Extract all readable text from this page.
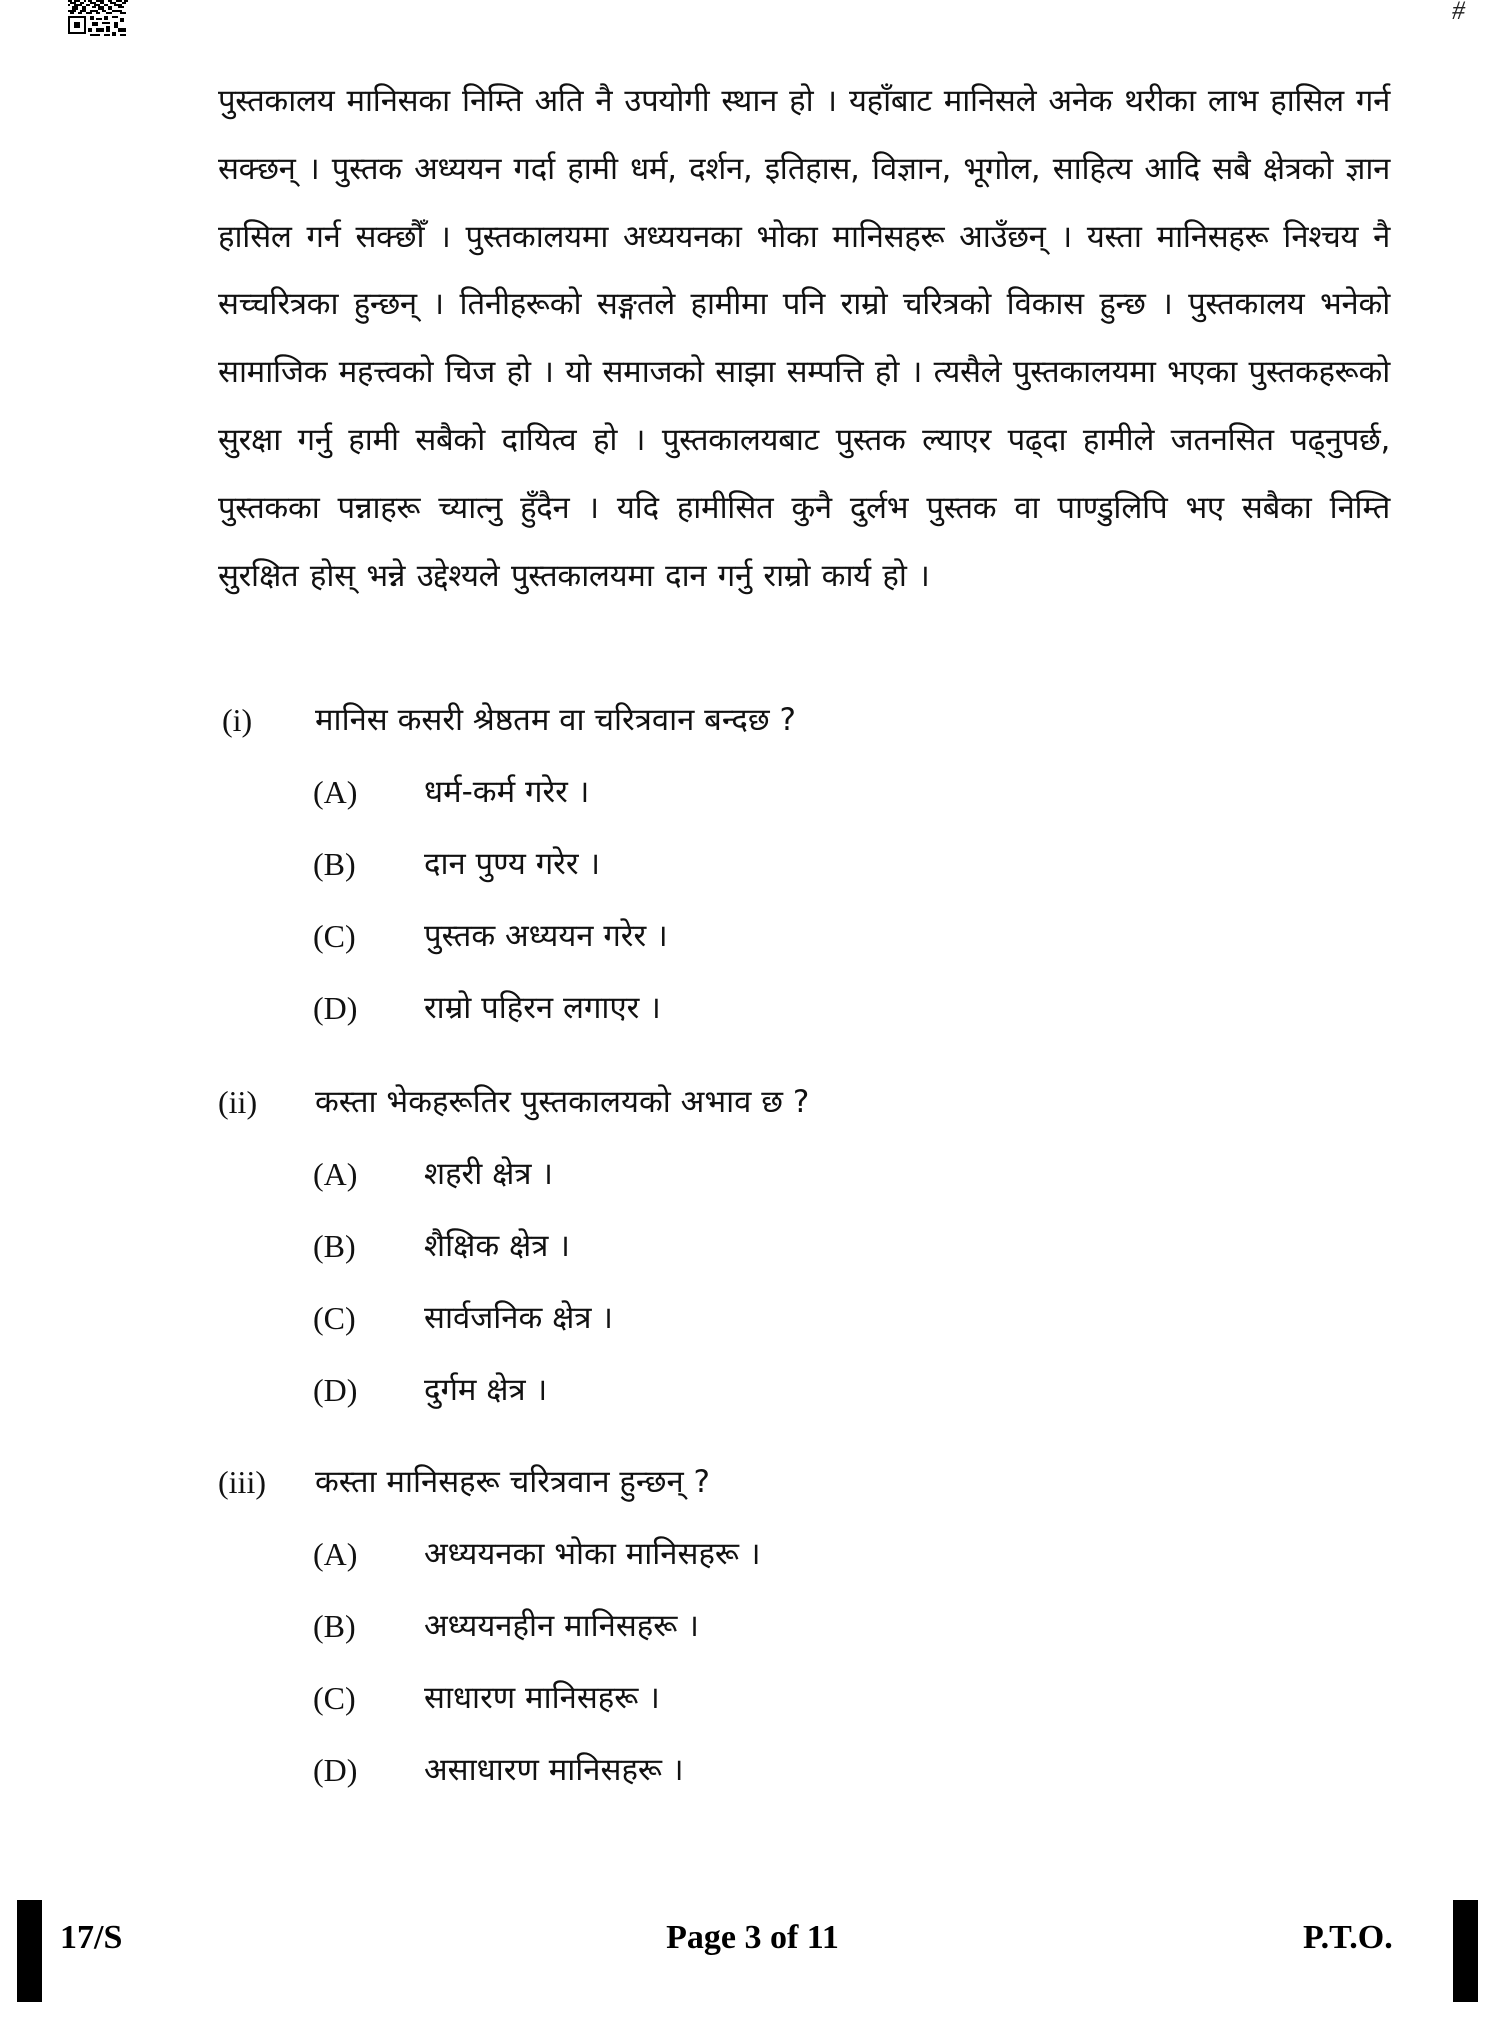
#

पुस्तकालय मानिसका निम्ति अति नै उपयोगी स्थान हो । यहाँबाट मानिसले अनेक थरीका लाभ हासिल गर्न सक्छन् । पुस्तक अध्ययन गर्दा हामी धर्म, दर्शन, इतिहास, विज्ञान, भूगोल, साहित्य आदि सबै क्षेत्रको ज्ञान हासिल गर्न सक्छौँ । पुस्तकालयमा अध्ययनका भोका मानिसहरू आउँछन् । यस्ता मानिसहरू निश्चय नै सच्चरित्रका हुन्छन् । तिनीहरूको सङ्गतले हामीमा पनि राम्रो चरित्रको विकास हुन्छ । पुस्तकालय भनेको सामाजिक महत्त्वको चिज हो । यो समाजको साझा सम्पत्ति हो । त्यसैले पुस्तकालयमा भएका पुस्तकहरूको सुरक्षा गर्नु हामी सबैको दायित्व हो । पुस्तकालयबाट पुस्तक ल्याएर पढ्दा हामीले जतनसित पढ्नुपर्छ, पुस्तकका पन्नाहरू च्यात्नु हुँदैन । यदि हामीसित कुनै दुर्लभ पुस्तक वा पाण्डुलिपि भए सबैका निम्ति सुरक्षित होस् भन्ने उद्देश्यले पुस्तकालयमा दान गर्नु राम्रो कार्य हो ।

(i)	मानिस कसरी श्रेष्ठतम वा चरित्रवान बन्दछ ?
(A) धर्म-कर्म गरेर ।
(B) दान पुण्य गरेर ।
(C) पुस्तक अध्ययन गरेर ।
(D) राम्रो पहिरन लगाएर ।
(ii)	कस्ता भेकहरूतिर पुस्तकालयको अभाव छ ?
(A) शहरी क्षेत्र ।
(B) शैक्षिक क्षेत्र ।
(C) सार्वजनिक क्षेत्र ।
(D) दुर्गम क्षेत्र ।
(iii)	कस्ता मानिसहरू चरित्रवान हुन्छन् ?
(A) अध्ययनका भोका मानिसहरू ।
(B) अध्ययनहीन मानिसहरू ।
(C) साधारण मानिसहरू ।
(D) असाधारण मानिसहरू ।
17/S	Page 3 of 11	P.T.O.
